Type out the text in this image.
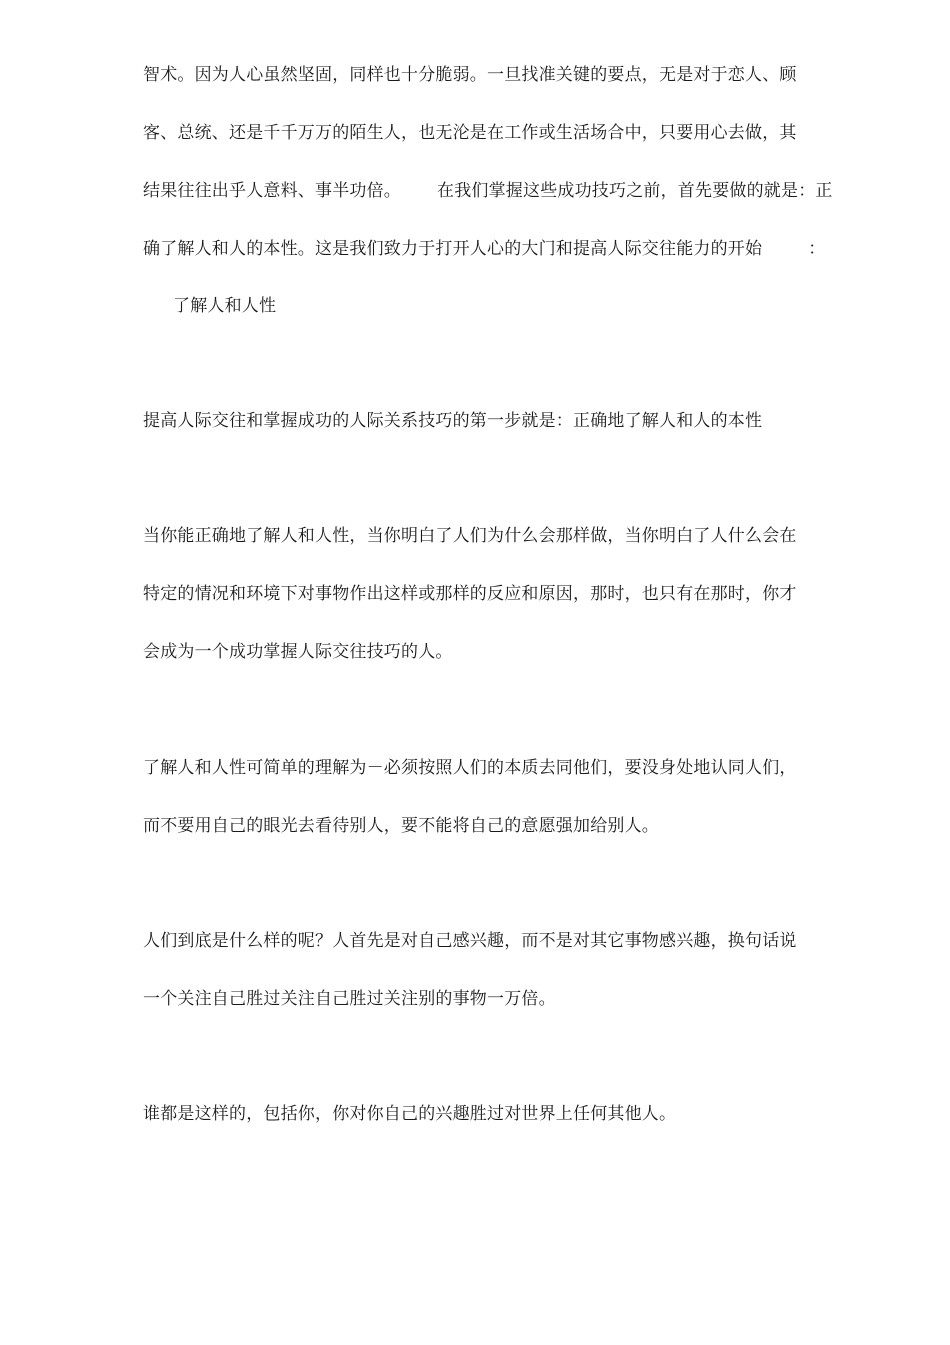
智术。因为人心虽然坚固，同样也十分脆弱。一旦找准关键的要点，无是对于恋人、顾
客、总统、还是千千万万的陌生人，也无沦是在工作或生活场合中，只要用心去做，其
结果往往出乎人意料、事半功倍。 在我们掌握这些成功技巧之前，首先要做的就是：正
确了解人和人的本性。这是我们致力于打开人心的大门和提高人际交往能力的开始	：
了解人和人性
提高人际交往和掌握成功的人际关系技巧的第一步就是：正确地了解人和人的本性
当你能正确地了解人和人性，当你明白了人们为什么会那样做，当你明白了人什么会在
特定的情况和环境下对事物作出这样或那样的反应和原因，那时，也只有在那时，你才
会成为一个成功掌握人际交往技巧的人。
了解人和人性可简单的理解为－必须按照人们的本质去同他们，要没身处地认同人们，
而不要用自己的眼光去看待别人，要不能将自己的意愿强加给别人。
人们到底是什么样的呢？人首先是对自己感兴趣，而不是对其它事物感兴趣，换句话说
一个关注自己胜过关注自己胜过关注别的事物一万倍。
谁都是这样的，包括你，你对你自己的兴趣胜过对世界上任何其他人。
